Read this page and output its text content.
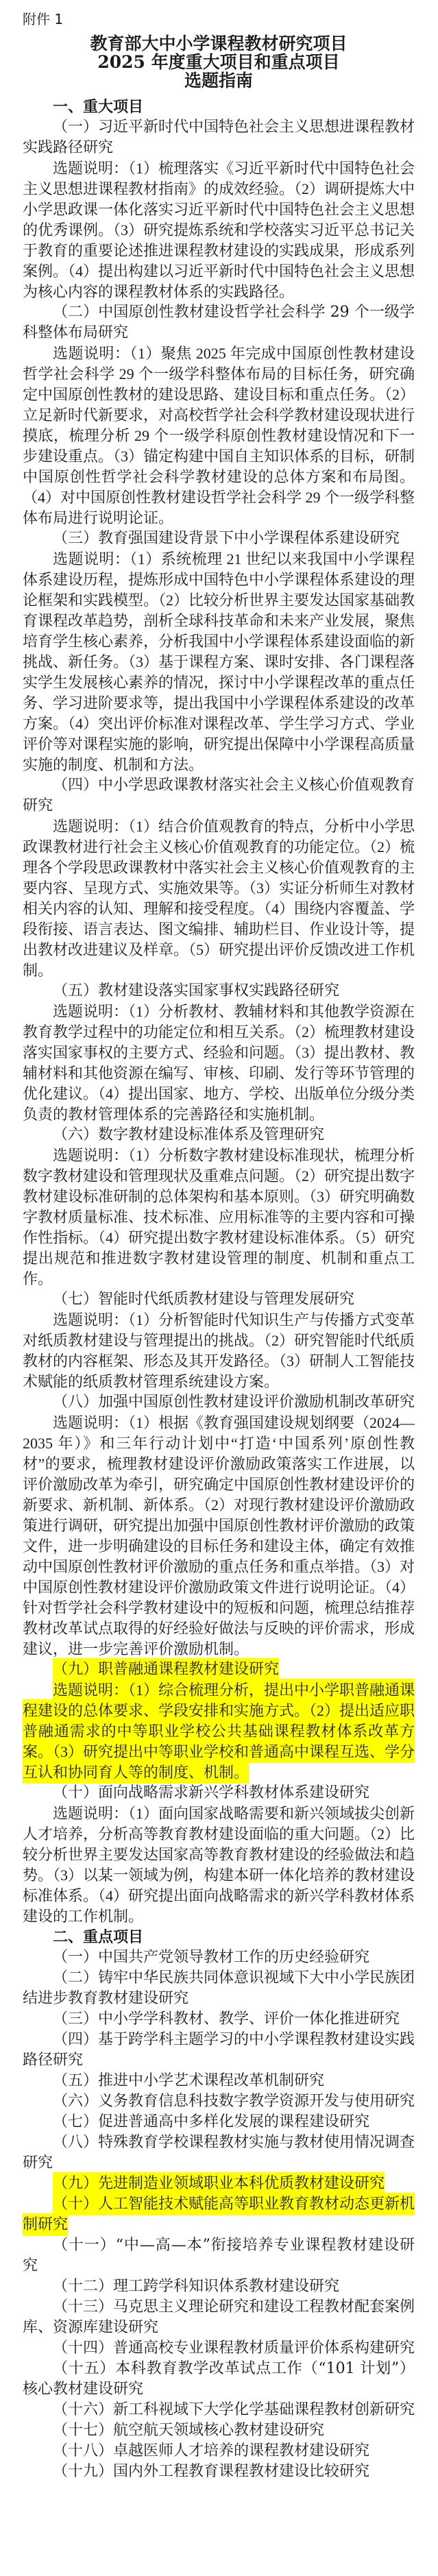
附件 1
教育部大中小学课程教材研究项目
2025 年度重大项目和重点项目
选题指南

一、重大项目

（一）习近平新时代中国特色社会主义思想进课程教材实践路径研究

选题说明：（1）梳理落实《习近平新时代中国特色社会主义思想进课程教材指南》的成效经验。（2）调研提炼大中小学思政课一体化落实习近平新时代中国特色社会主义思想的优秀课例。（3）研究提炼系统和学校落实习近平总书记关于教育的重要论述推进课程教材建设的实践成果，形成系列案例。（4）提出构建以习近平新时代中国特色社会主义思想为核心内容的课程教材体系的实践路径。

（二）中国原创性教材建设哲学社会科学 29 个一级学科整体布局研究

选题说明：（1）聚焦 2025 年完成中国原创性教材建设哲学社会科学 29 个一级学科整体布局的目标任务，研究确定中国原创性教材的建设思路、建设目标和重点任务。（2）立足新时代新要求，对高校哲学社会科学教材建设现状进行摸底，梳理分析 29 个一级学科原创性教材建设情况和下一步建设重点。（3）锚定构建中国自主知识体系的目标，研制中国原创性哲学社会科学教材建设的总体方案和布局图。（4）对中国原创性教材建设哲学社会科学 29 个一级学科整体布局进行说明论证。

（三）教育强国建设背景下中小学课程体系建设研究

选题说明：（1）系统梳理 21 世纪以来我国中小学课程体系建设历程，提炼形成中国特色中小学课程体系建设的理论框架和实践模型。（2）比较分析世界主要发达国家基础教育课程改革趋势，剖析全球科技革命和未来产业发展，聚焦培育学生核心素养，分析我国中小学课程体系建设面临的新挑战、新任务。（3）基于课程方案、课时安排、各门课程落实学生发展核心素养的情况，探讨中小学课程改革的重点任务、学习进阶要求等，提出我国中小学课程体系建设的改革方案。（4）突出评价标准对课程改革、学生学习方式、学业评价等对课程实施的影响，研究提出保障中小学课程高质量实施的制度、机制和方法。

（四）中小学思政课教材落实社会主义核心价值观教育研究

选题说明：（1）结合价值观教育的特点，分析中小学思政课教材进行社会主义核心价值观教育的功能定位。（2）梳理各个学段思政课教材中落实社会主义核心价值观教育的主要内容、呈现方式、实施效果等。（3）实证分析师生对教材相关内容的认知、理解和接受程度。（4）围绕内容覆盖、学段衔接、语言表达、图文编排、辅助栏目、作业设计等，提出教材改进建议及样章。（5）研究提出评价反馈改进工作机制。

（五）教材建设落实国家事权实践路径研究

选题说明：（1）分析教材、教辅材料和其他教学资源在教育教学过程中的功能定位和相互关系。（2）梳理教材建设落实国家事权的主要方式、经验和问题。（3）提出教材、教辅材料和其他资源在编写、审核、印刷、发行等环节管理的优化建议。（4）提出国家、地方、学校、出版单位分级分类负责的教材管理体系的完善路径和实施机制。

（六）数字教材建设标准体系及管理研究

选题说明：（1）分析数字教材建设标准现状，梳理分析数字教材建设和管理现状及重难点问题。（2）研究提出数字教材建设标准研制的总体架构和基本原则。（3）研究明确数字教材质量标准、技术标准、应用标准等的主要内容和可操作性指标。（4）研究提出数字教材建设标准体系。（5）研究提出规范和推进数字教材建设管理的制度、机制和重点工作。

（七）智能时代纸质教材建设与管理发展研究

选题说明：（1）分析智能时代知识生产与传播方式变革对纸质教材建设与管理提出的挑战。（2）研究智能时代纸质教材的内容框架、形态及其开发路径。（3）研制人工智能技术赋能的纸质教材管理系统建设方案。

（八）加强中国原创性教材建设评价激励机制改革研究

选题说明：（1）根据《教育强国建设规划纲要（2024—2035 年）》和三年行动计划中“打造‘中国系列’原创性教材”的要求，梳理教材建设评价激励政策落实工作进展，以评价激励改革为牵引，研究确定中国原创性教材建设评价的新要求、新机制、新体系。（2）对现行教材建设评价激励政策进行调研，研究提出加强中国原创性教材评价激励的政策文件，进一步明确建设的目标任务和建设主体，确定有效推动中国原创性教材评价激励的重点任务和重点举措。（3）对中国原创性教材建设评价激励政策文件进行说明论证。（4）针对哲学社会科学教材建设中的短板和问题，梳理总结推荐教材改革试点取得的好经验好做法与反映的评价需求，形成建议，进一步完善评价激励机制。

（九）职普融通课程教材建设研究

选题说明：（1）综合梳理分析，提出中小学职普融通课程建设的总体要求、学段安排和实施方式。（2）提出适应职普融通需求的中等职业学校公共基础课程教材体系改革方案。（3）研究提出中等职业学校和普通高中课程互选、学分互认和协同育人等的制度、机制。

（十）面向战略需求新兴学科教材体系建设研究

选题说明：（1）面向国家战略需要和新兴领域拔尖创新人才培养，分析高等教育教材建设面临的重大问题。（2）比较分析世界主要发达国家高等教育教材建设的经验做法和趋势。（3）以某一领域为例，构建本研一体化培养的教材建设标准体系。（4）研究提出面向战略需求的新兴学科教材体系建设的工作机制。

二、重点项目

（一）中国共产党领导教材工作的历史经验研究

（二）铸牢中华民族共同体意识视域下大中小学民族团结进步教育教材建设研究

（三）中小学学科教材、教学、评价一体化推进研究

（四）基于跨学科主题学习的中小学课程教材建设实践路径研究

（五）推进中小学艺术课程改革机制研究

（六）义务教育信息科技数字教学资源开发与使用研究

（七）促进普通高中多样化发展的课程建设研究

（八）特殊教育学校课程教材实施与教材使用情况调查研究

（九）先进制造业领域职业本科优质教材建设研究

（十）人工智能技术赋能高等职业教育教材动态更新机制研究

（十一）“中—高—本”衔接培养专业课程教材建设研究

（十二）理工跨学科知识体系教材建设研究

（十三）马克思主义理论研究和建设工程教材配套案例库、资源库建设研究

（十四）普通高校专业课程教材质量评价体系构建研究

（十五）本科教育教学改革试点工作（“101 计划”）核心教材建设研究

（十六）新工科视域下大学化学基础课程教材创新研究

（十七）航空航天领域核心教材建设研究

（十八）卓越医师人才培养的课程教材建设研究

（十九）国内外工程教育课程教材建设比较研究
